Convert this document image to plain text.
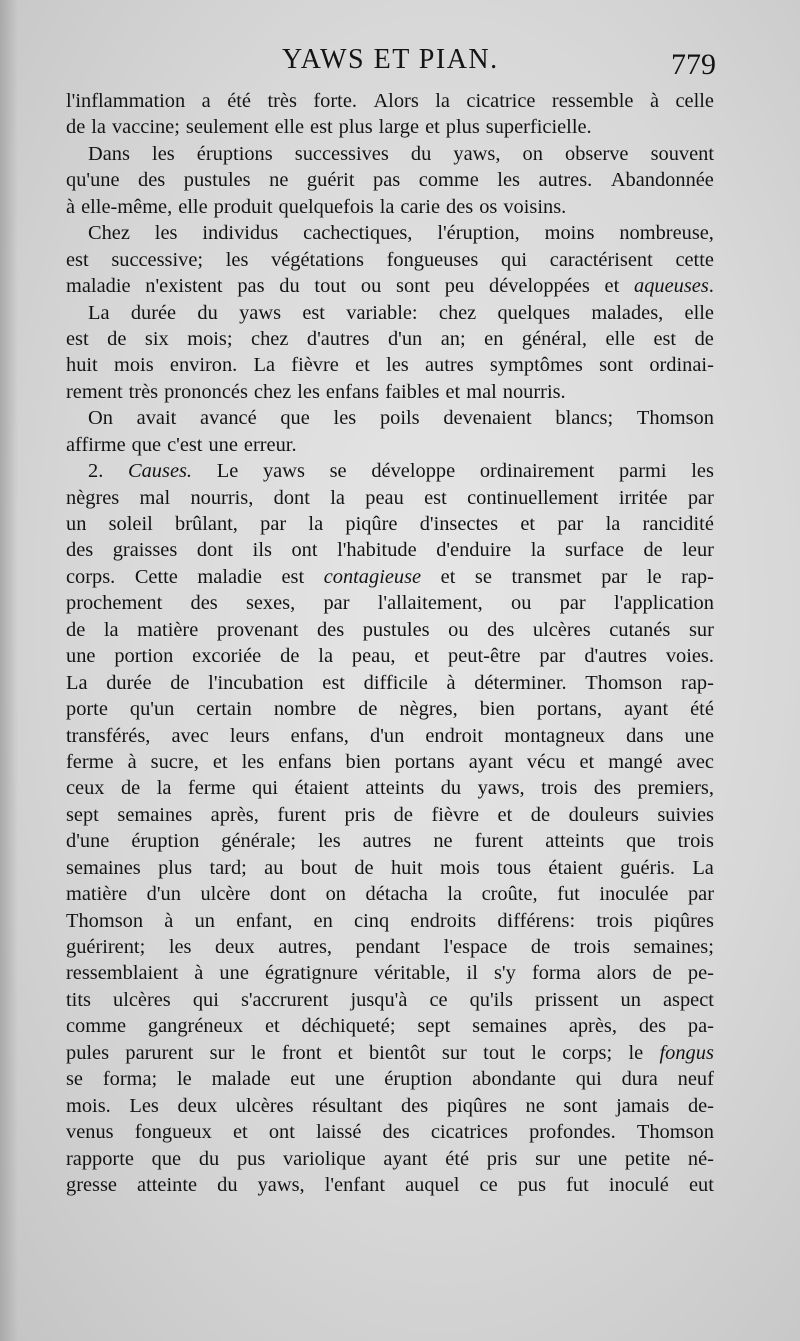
YAWS ET PIAN.	779
l'inflammation a été très forte. Alors la cicatrice ressemble à celle
de la vaccine; seulement elle est plus large et plus superficielle.
Dans les éruptions successives du yaws, on observe souvent
qu'une des pustules ne guérit pas comme les autres. Abandonnée
à elle-même, elle produit quelquefois la carie des os voisins.
Chez les individus cachectiques, l'éruption, moins nombreuse,
est successive; les végétations fongueuses qui caractérisent cette
maladie n'existent pas du tout ou sont peu développées et aqueuses.
La durée du yaws est variable: chez quelques malades, elle
est de six mois; chez d'autres d'un an; en général, elle est de
huit mois environ. La fièvre et les autres symptômes sont ordinai-
rement très prononcés chez les enfans faibles et mal nourris.
On avait avancé que les poils devenaient blancs; Thomson
affirme que c'est une erreur.
2. Causes. Le yaws se développe ordinairement parmi les
nègres mal nourris, dont la peau est continuellement irritée par
un soleil brûlant, par la piqûre d'insectes et par la rancidité
des graisses dont ils ont l'habitude d'enduire la surface de leur
corps. Cette maladie est contagieuse et se transmet par le rap-
prochement des sexes, par l'allaitement, ou par l'application
de la matière provenant des pustules ou des ulcères cutanés sur
une portion excoriée de la peau, et peut-être par d'autres voies.
La durée de l'incubation est difficile à déterminer. Thomson rap-
porte qu'un certain nombre de nègres, bien portans, ayant été
transférés, avec leurs enfans, d'un endroit montagneux dans une
ferme à sucre, et les enfans bien portans ayant vécu et mangé avec
ceux de la ferme qui étaient atteints du yaws, trois des premiers,
sept semaines après, furent pris de fièvre et de douleurs suivies
d'une éruption générale; les autres ne furent atteints que trois
semaines plus tard; au bout de huit mois tous étaient guéris. La
matière d'un ulcère dont on détacha la croûte, fut inoculée par
Thomson à un enfant, en cinq endroits différens: trois piqûres
guérirent; les deux autres, pendant l'espace de trois semaines;
ressemblaient à une égratignure véritable, il s'y forma alors de pe-
tits ulcères qui s'accrurent jusqu'à ce qu'ils prissent un aspect
comme gangréneux et déchiqueté; sept semaines après, des pa-
pules parurent sur le front et bientôt sur tout le corps; le fongus
se forma; le malade eut une éruption abondante qui dura neuf
mois. Les deux ulcères résultant des piqûres ne sont jamais de-
venus fongueux et ont laissé des cicatrices profondes. Thomson
rapporte que du pus variolique ayant été pris sur une petite né-
gresse atteinte du yaws, l'enfant auquel ce pus fut inoculé eut
